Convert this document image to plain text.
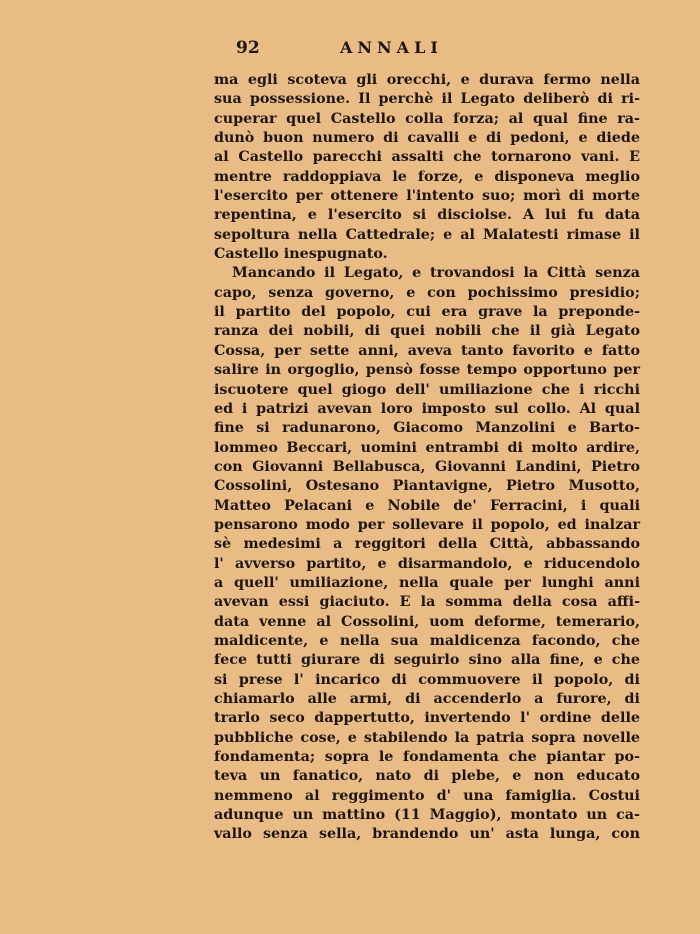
92	ANNALI
ma egli scoteva gli orecchi, e durava fermo nella
sua possessione. Il perchè il Legato deliberò di ri-
cuperar quel Castello colla forza; al qual fine ra-
dunò buon numero di cavalli e di pedoni, e diede
al Castello parecchi assalti che tornarono vani. E
mentre raddoppiava le forze, e disponeva meglio
l'esercito per ottenere l'intento suo; morì di morte
repentina, e l'esercito si disciolse. A lui fu data
sepoltura nella Cattedrale; e al Malatesti rimase il
Castello inespugnato.
Mancando il Legato, e trovandosi la Città senza
capo, senza governo, e con pochissimo presidio;
il partito del popolo, cui era grave la preponde-
ranza dei nobili, di quei nobili che il già Legato
Cossa, per sette anni, aveva tanto favorito e fatto
salire in orgoglio, pensò fosse tempo opportuno per
iscuotere quel giogo dell' umiliazione che i ricchi
ed i patrizi avevan loro imposto sul collo. Al qual
fine si radunarono, Giacomo Manzolini e Barto-
lommeo Beccari, uomini entrambi di molto ardire,
con Giovanni Bellabusca, Giovanni Landini, Pietro
Cossolini, Ostesano Piantavigne, Pietro Musotto,
Matteo Pelacani e Nobile de' Ferracini, i quali
pensarono modo per sollevare il popolo, ed inalzar
sè medesimi a reggitori della Città, abbassando
l' avverso partito, e disarmandolo, e riducendolo
a quell' umiliazione, nella quale per lunghi anni
avevan essi giaciuto. E la somma della cosa affi-
data venne al Cossolini, uom deforme, temerario,
maldicente, e nella sua maldicenza facondo, che
fece tutti giurare di seguirlo sino alla fine, e che
si prese l' incarico di commuovere il popolo, di
chiamarlo alle armi, di accenderlo a furore, di
trarlo seco dappertutto, invertendo l' ordine delle
pubbliche cose, e stabilendo la patria sopra novelle
fondamenta; sopra le fondamenta che piantar po-
teva un fanatico, nato di plebe, e non educato
nemmeno al reggimento d' una famiglia. Costui
adunque un mattino (11 Maggio), montato un ca-
vallo senza sella, brandendo un' asta lunga, con
